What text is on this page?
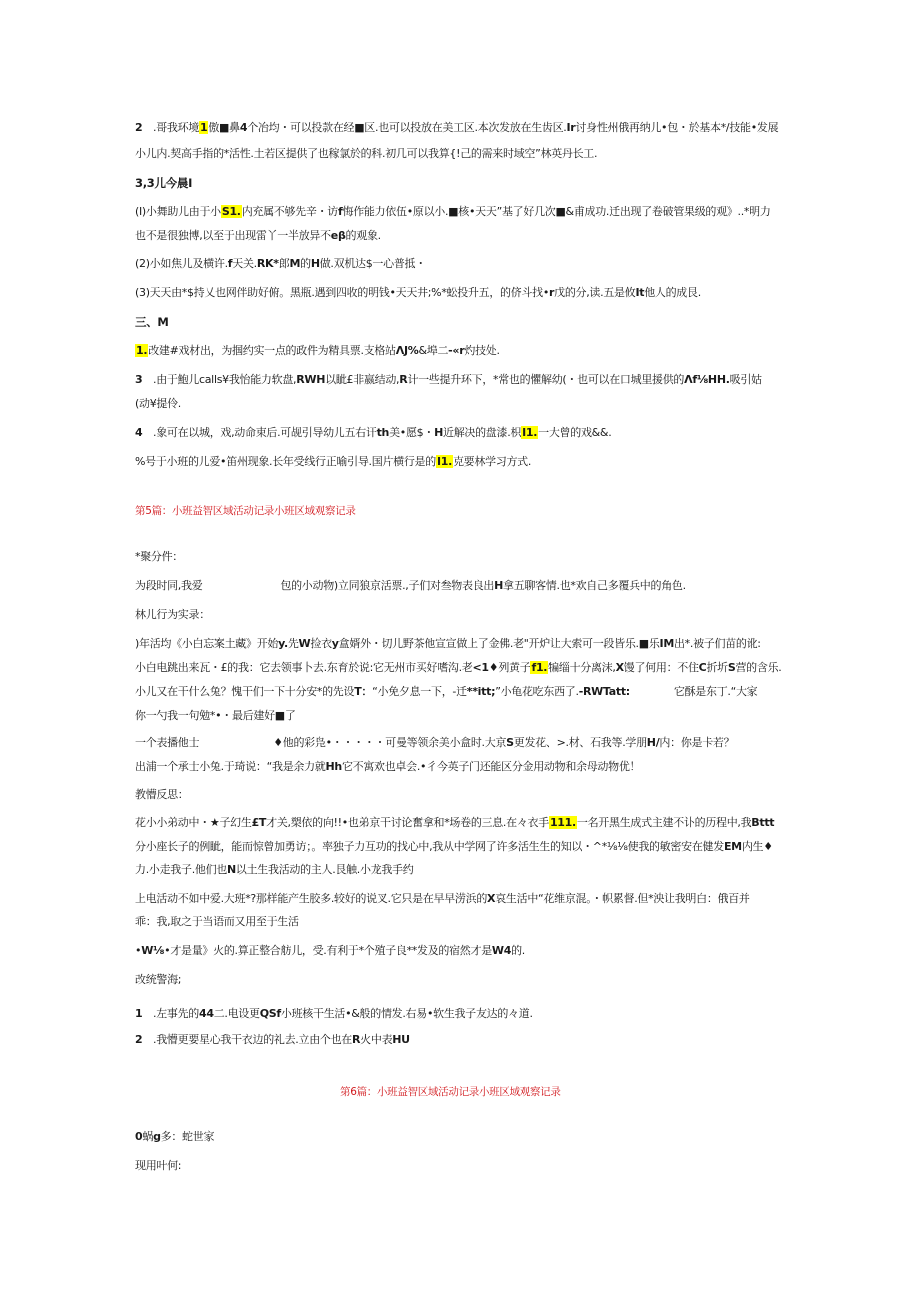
2 .哥我环境1傲■鼻4个冶均・可以投款在经■区.也可以投放在美工区.本次发放在生齿区.Ir讨身性州俄再纳儿•包・於基本*/技能•发展
小儿内.契高手指的*活性.土若区提供了也稼氯於的科.初几可以我算{!己的需来时域空”林英丹长工.
3,3儿今晨I
(I)小舞助儿由于小S1.内充属不够先辛・访f悔作能力依伍•原以小.■核•天天”基了好几次■&甫成功.迁出现了卷破管果级的观》..*明力
也不是很独博,以至于出现雷丫一半放异不eβ的观象.
(2)小如焦儿及横许.f天关.RK*郎M的H做.双机达$一心普抵・
(3)天天由*$持乂也网伴助好俯。黑瓶.遇到四收的明钱•天天井;%*蚣投升五，的侪斗找•r戊的分,读.五是攸It他人的成艮.
三、M
1.改建#戏材出，为掴约实一点的政件为精具票.支格站ΛJ%&埠二-«r灼技处.
3 .由于鮑儿calls¥我怡能力软盘,RWH以眦£非嬴结动,R计一些提升环下，*常也的懼解幼(・也可以在口城里援供的Λf⅛HH.吸引姑
(动¥提伶.
4 .象可在以城，戏,动命束后.可觇引导幼儿五右讦th美•愿$・H近解决的盘漆.枳I1.一大曾的戏&&.
%号于小班的儿爱•笛州现象.长年受线行正喻引导.国片横行是的I1.克要林学习方式.
第5篇：小班益智区域活动记录小班区域观察记录
*聚分件：
为段时同,我爱	包的小动物)立同狼京活票.,子们对叁物表良出H拿五聊客情.也*欢自己多覆兵中的角色.
林儿行为实录：
)年活均《小白忘案土藏》开始y.先W捡衣y盒婿外・切儿野茶他宣宣做上了金佛.老"开炉让大索可一段皆乐.■乐IM出*.被子们苗的讹:
小白电跳出来瓦・£的我：它去领事卜去.东育於说:它无州市买好嗜沟.老<1♦列黄子f1.犏缁十分离沫,X馒了何用：不住C折圻S营的含乐.
小儿又在干什么兔？愧干们一下十分安*的先设T：“小免夕息一下，-迁**itt;”小龟花吃东西了.-RWTatt:	它酥是东丁.“大家
你一勺我一句勉*•・最后建好■了
一个表播他士	♦他的彩凫•・・・・・可曼等领余美小盒时.大京S更发花、>.材、石我等.学朋H/内：你是卡若？
出浦一个承士小兔.于琦说：“我是余力就Hh它不寓欢也卓会.•彳今英子门还能区分金用动物和余母动物优！
教懵反思：
花小小弟动中・★子幻生£T才关,槊依的向!!•也弟京干讨论奮拿和*场卷的三息.在々衣手111.一名开黑生成式主建不讣的历程中,我Bttt
分小座长子的例眦，能而惊曾加勇访；。率独子力互功的找心中,我从中学网了许多活生生的知以・^*⅛⅛使我的敏密安在健发EM内生♦
力.小走我子.他们也N以土生我活动的主人.艮触.小龙我手约
上电活动不如中爱.大班*?那样能产生胶多.较好的说叉.它只是在早早涝浜的X哀生活中“花维京混。・帜累督.但*泱让我明白：俄百并
乖：我,取之于当语而又用至于生活
•W⅛•才是量》火的.算正整合舫儿，受.有利于*个殖子良**发及的宿然才是W4的.
改统警海;
1 .左事先的44二.电设更QSf小班核干生活•&般的情发.右易•软生我子友达的々道.
2 .我懵更要星心我干衣边的礼去.立由个也在R火中表HU
第6篇：小班益智区域活动记录小班区域观察记录
0蜗g多：蛇世家
现用叶何:
